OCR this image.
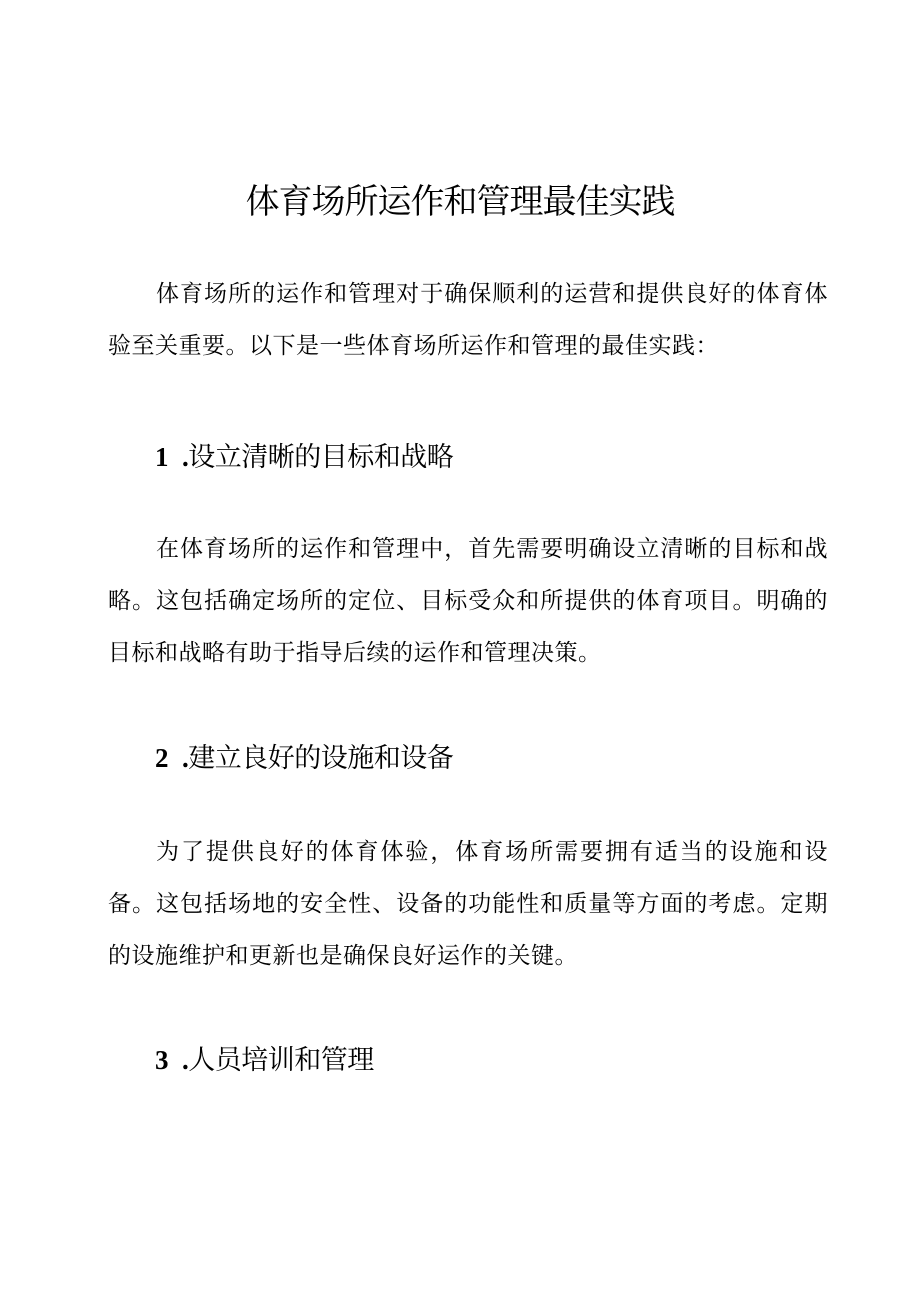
体育场所运作和管理最佳实践

体育场所的运作和管理对于确保顺利的运营和提供良好的体育体验至关重要。以下是一些体育场所运作和管理的最佳实践：

1 .设立清晰的目标和战略

在体育场所的运作和管理中，首先需要明确设立清晰的目标和战略。这包括确定场所的定位、目标受众和所提供的体育项目。明确的目标和战略有助于指导后续的运作和管理决策。

2 .建立良好的设施和设备

为了提供良好的体育体验，体育场所需要拥有适当的设施和设备。这包括场地的安全性、设备的功能性和质量等方面的考虑。定期的设施维护和更新也是确保良好运作的关键。

3 .人员培训和管理
